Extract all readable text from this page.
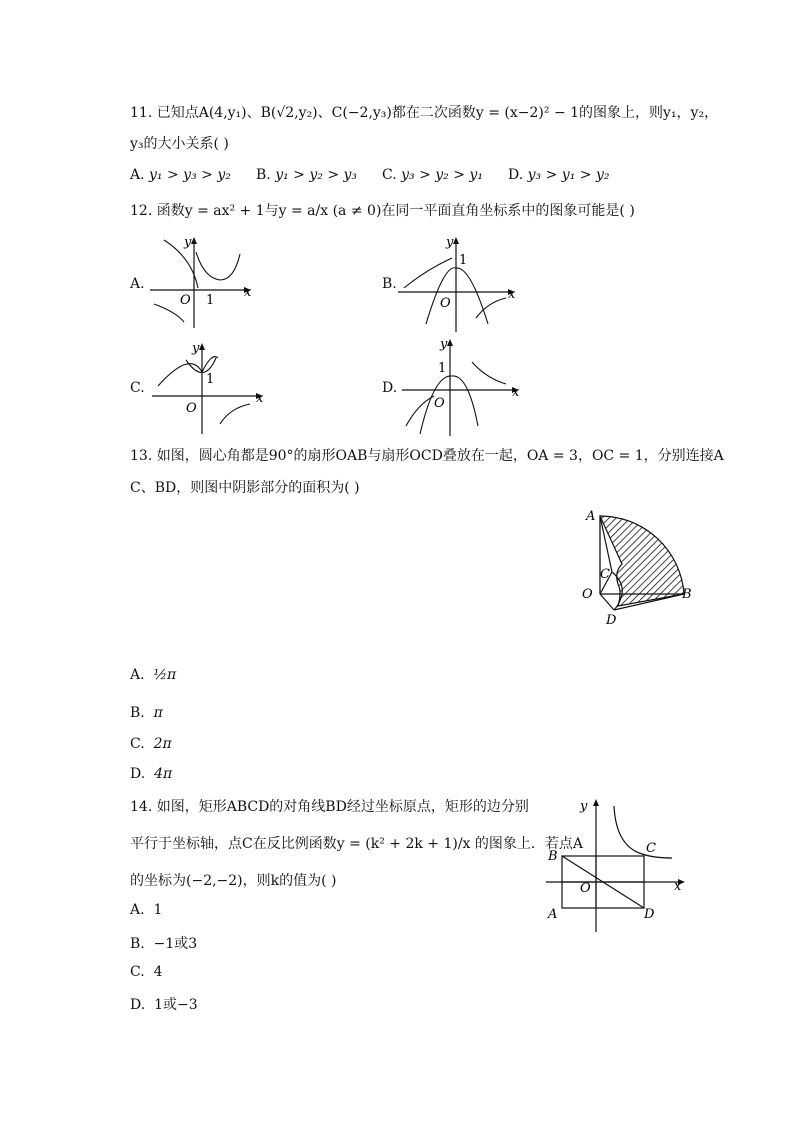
11. 已知点A(4,y₁)、B(√2,y₂)、C(−2,y₃)都在二次函数y = (x−2)² − 1的图象上，则y₁，y₂，
y₃的大小关系( )
A. y₁ > y₃ > y₂ B. y₁ > y₂ > y₃ C. y₃ > y₂ > y₁ D. y₃ > y₁ > y₂
12. 函数y = ax² + 1与y = a/x (a ≠ 0)在同一平面直角坐标系中的图象可能是( )
A.
y
x
O 1
B.
y
x
O
1
C.
y
x
O
1
D.
y
x
O
1
13. 如图，圆心角都是90°的扇形OAB与扇形OCD叠放在一起，OA = 3，OC = 1，分别连接A
C、BD，则图中阴影部分的面积为( )
A
B
C
D
O
A. ½π
B. π
C. 2π
D. 4π
14. 如图，矩形ABCD的对角线BD经过坐标原点，矩形的边分别
平行于坐标轴，点C在反比例函数y = (k² + 2k + 1)/x 的图象上．若点A
的坐标为(−2,−2)，则k的值为( )
y
x
O
A
B
C
D
A. 1
B. −1或3
C. 4
D. 1或−3
